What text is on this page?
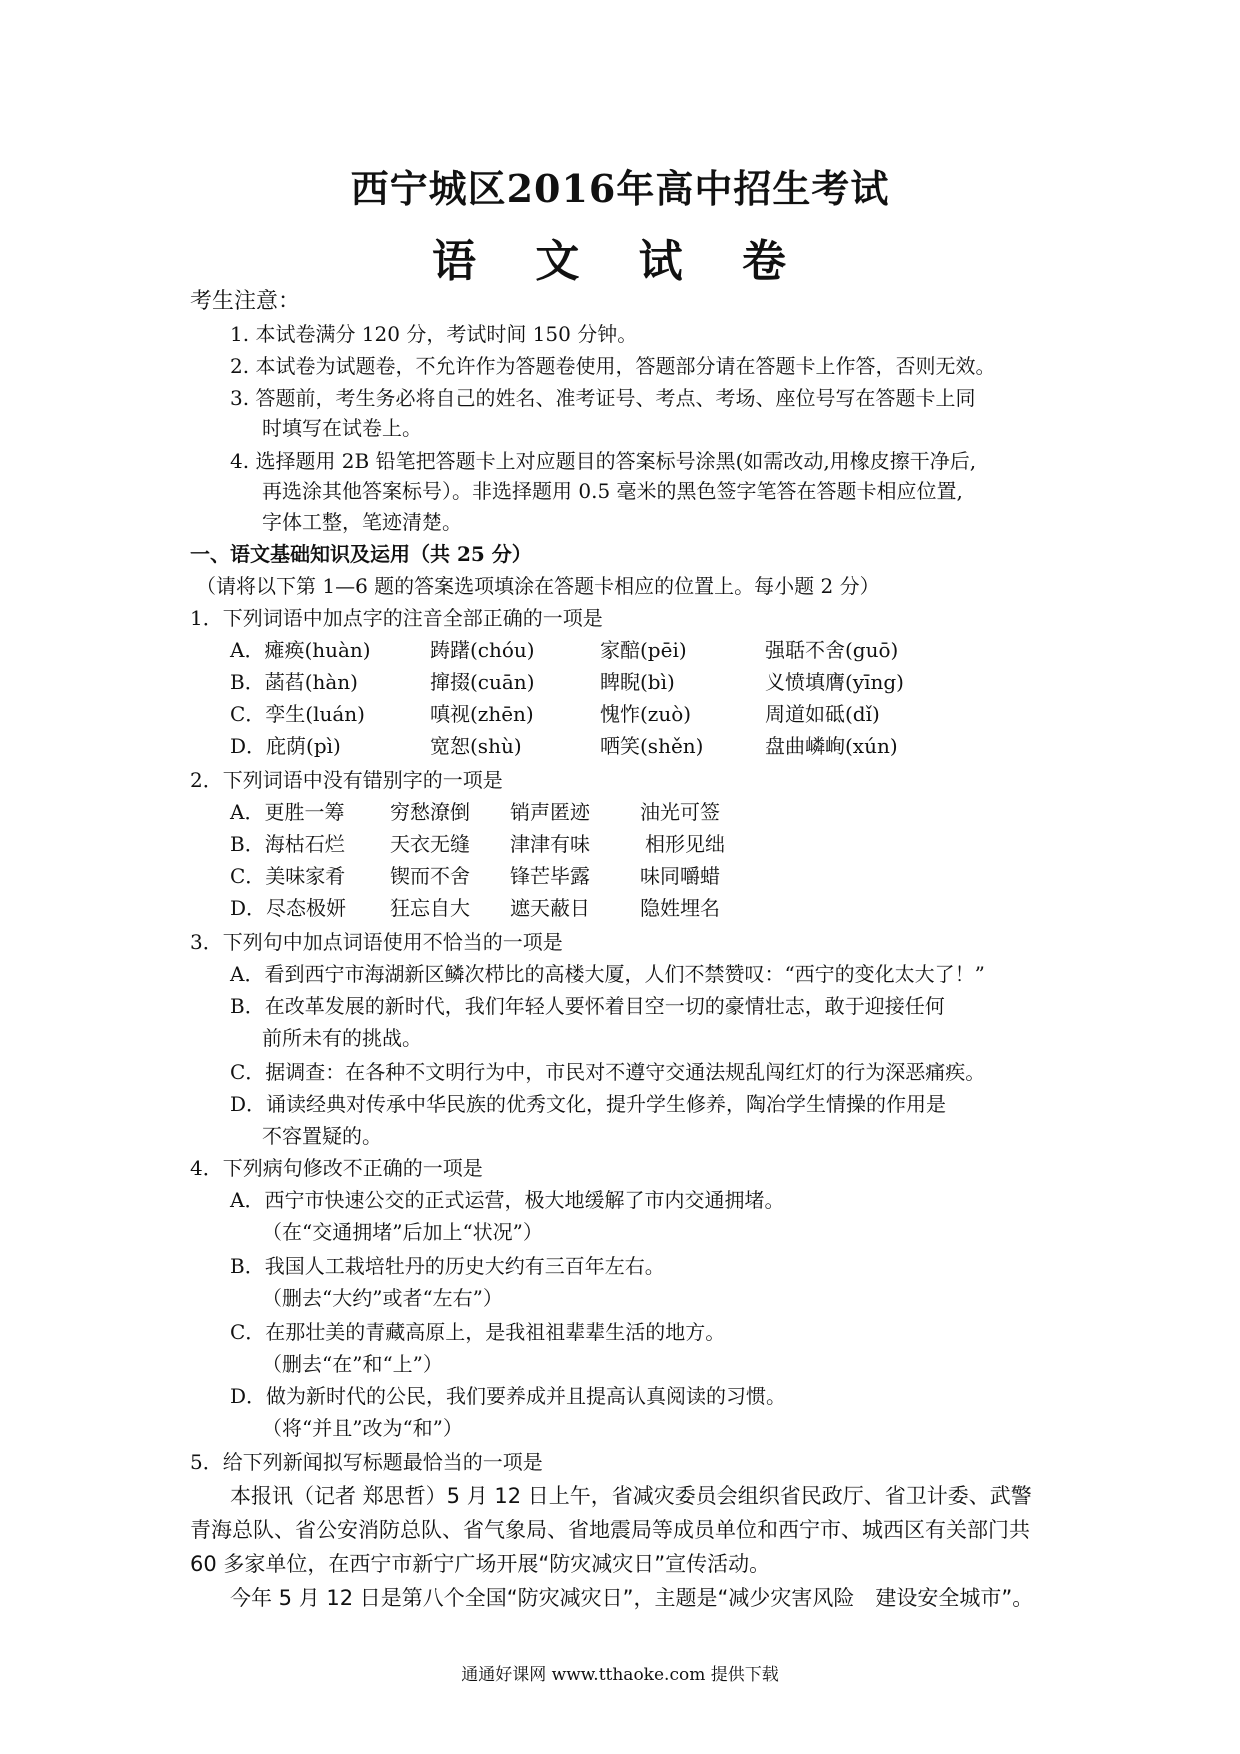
西宁城区2016年高中招生考试
语 文 试 卷
考生注意：
1. 本试卷满分 120 分，考试时间 150 分钟。
2. 本试卷为试题卷，不允许作为答题卷使用，答题部分请在答题卡上作答，否则无效。
3. 答题前，考生务必将自己的姓名、准考证号、考点、考场、座位号写在答题卡上同
时填写在试卷上。
4. 选择题用 2B 铅笔把答题卡上对应题目的答案标号涂黑(如需改动,用橡皮擦干净后,
再选涂其他答案标号）。非选择题用 0.5 毫米的黑色签字笔答在答题卡相应位置,
字体工整，笔迹清楚。
一、语文基础知识及运用（共 25 分）
（请将以下第 1—6 题的答案选项填涂在答题卡相应的位置上。每小题 2 分）
1．下列词语中加点字的注音全部正确的一项是
A．瘫痪(huàn)	踌躇(chóu)	家醅(pēi)	强聒不舍(guō)
B．菡萏(hàn)	撺掇(cuān)	睥睨(bì)	义愤填膺(yīng)
C．孪生(luán)	嗔视(zhēn)	愧怍(zuò)	周道如砥(dǐ)
D．庇荫(pì)	宽恕(shù)	哂笑(shěn)	盘曲嶙峋(xún)
2．下列词语中没有错别字的一项是
A．更胜一筹 穷愁潦倒 销声匿迹	油光可签
B．海枯石烂 天衣无缝 津津有味	相形见绌
C．美味家肴 锲而不舍 锋芒毕露	味同嚼蜡
D．尽态极妍 狂忘自大 遮天蔽日	隐姓埋名
3．下列句中加点词语使用不恰当的一项是
A．看到西宁市海湖新区鳞次栉比的高楼大厦，人们不禁赞叹：“西宁的变化太大了！”
B．在改革发展的新时代，我们年轻人要怀着目空一切的豪情壮志，敢于迎接任何
前所未有的挑战。
C．据调查：在各种不文明行为中，市民对不遵守交通法规乱闯红灯的行为深恶痛疾。
D．诵读经典对传承中华民族的优秀文化，提升学生修养，陶冶学生情操的作用是
不容置疑的。
4．下列病句修改不正确的一项是
A．西宁市快速公交的正式运营，极大地缓解了市内交通拥堵。
（在“交通拥堵”后加上“状况”）
B．我国人工栽培牡丹的历史大约有三百年左右。
（删去“大约”或者“左右”）
C．在那壮美的青藏高原上，是我祖祖辈辈生活的地方。
（删去“在”和“上”）
D．做为新时代的公民，我们要养成并且提高认真阅读的习惯。
（将“并且”改为“和”）
5．给下列新闻拟写标题最恰当的一项是
本报讯（记者 郑思哲）5 月 12 日上午，省减灾委员会组织省民政厅、省卫计委、武警
青海总队、省公安消防总队、省气象局、省地震局等成员单位和西宁市、城西区有关部门共
60 多家单位，在西宁市新宁广场开展“防灾减灾日”宣传活动。
今年 5 月 12 日是第八个全国“防灾减灾日”，主题是“减少灾害风险　建设安全城市”。
通通好课网 www.tthaoke.com 提供下载
